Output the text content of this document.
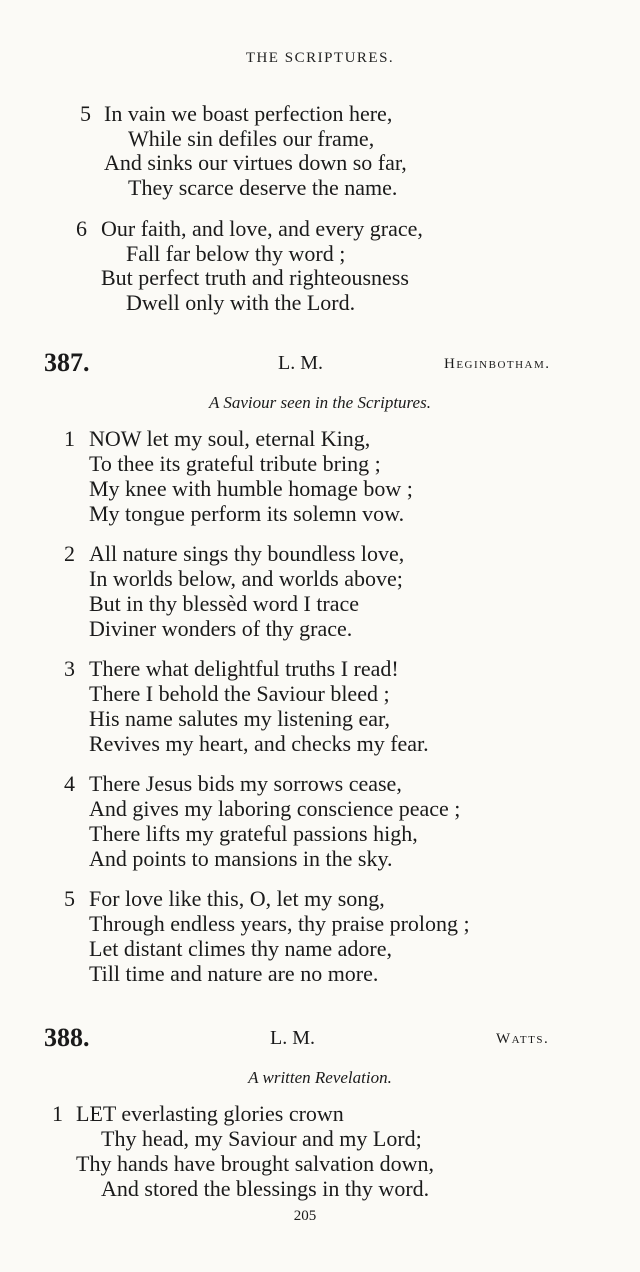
THE SCRIPTURES.
5 In vain we boast perfection here,
While sin defiles our frame,
And sinks our virtues down so far,
They scarce deserve the name.
6 Our faith, and love, and every grace,
Fall far below thy word ;
But perfect truth and righteousness
Dwell only with the Lord.
387.	L. M.	Heginbotham.
A Saviour seen in the Scriptures.
1 NOW let my soul, eternal King,
To thee its grateful tribute bring ;
My knee with humble homage bow ;
My tongue perform its solemn vow.
2 All nature sings thy boundless love,
In worlds below, and worlds above;
But in thy blessèd word I trace
Diviner wonders of thy grace.
3 There what delightful truths I read!
There I behold the Saviour bleed ;
His name salutes my listening ear,
Revives my heart, and checks my fear.
4 There Jesus bids my sorrows cease,
And gives my laboring conscience peace ;
There lifts my grateful passions high,
And points to mansions in the sky.
5 For love like this, O, let my song,
Through endless years, thy praise prolong ;
Let distant climes thy name adore,
Till time and nature are no more.
388.	L. M.	Watts.
A written Revelation.
1 LET everlasting glories crown
Thy head, my Saviour and my Lord;
Thy hands have brought salvation down,
And stored the blessings in thy word.
205
